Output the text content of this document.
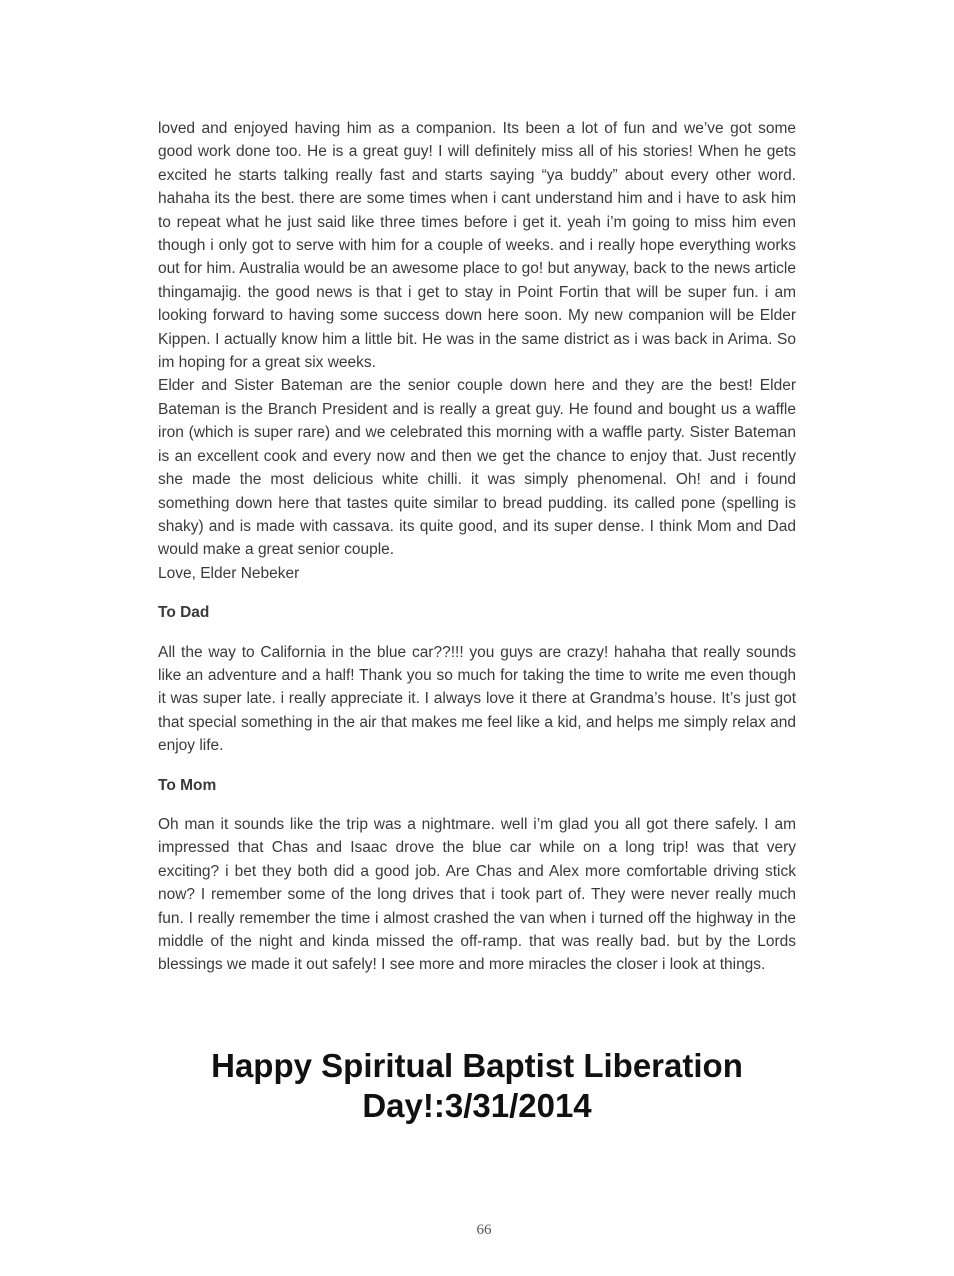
loved and enjoyed having him as a companion. Its been a lot of fun and we’ve got some good work done too. He is a great guy! I will definitely miss all of his stories! When he gets excited he starts talking really fast and starts saying “ya buddy” about every other word. hahaha its the best. there are some times when i cant understand him and i have to ask him to repeat what he just said like three times before i get it. yeah i’m going to miss him even though i only got to serve with him for a couple of weeks. and i really hope everything works out for him. Australia would be an awesome place to go! but anyway, back to the news article thingamajig. the good news is that i get to stay in Point Fortin that will be super fun. i am looking forward to having some success down here soon. My new companion will be Elder Kippen. I actually know him a little bit. He was in the same district as i was back in Arima. So im hoping for a great six weeks.

Elder and Sister Bateman are the senior couple down here and they are the best! Elder Bateman is the Branch President and is really a great guy. He found and bought us a waffle iron (which is super rare) and we celebrated this morning with a waffle party. Sister Bateman is an excellent cook and every now and then we get the chance to enjoy that. Just recently she made the most delicious white chilli. it was simply phenomenal. Oh! and i found something down here that tastes quite similar to bread pudding. its called pone (spelling is shaky) and is made with cassava. its quite good, and its super dense. I think Mom and Dad would make a great senior couple.

Love, Elder Nebeker

To Dad

All the way to California in the blue car??!!! you guys are crazy! hahaha that really sounds like an adventure and a half! Thank you so much for taking the time to write me even though it was super late. i really appreciate it. I always love it there at Grandma’s house. It’s just got that special something in the air that makes me feel like a kid, and helps me simply relax and enjoy life.

To Mom

Oh man it sounds like the trip was a nightmare. well i’m glad you all got there safely. I am impressed that Chas and Isaac drove the blue car while on a long trip! was that very exciting? i bet they both did a good job. Are Chas and Alex more comfortable driving stick now? I remember some of the long drives that i took part of. They were never really much fun. I really remember the time i almost crashed the van when i turned off the highway in the middle of the night and kinda missed the off-ramp. that was really bad. but by the Lords blessings we made it out safely! I see more and more miracles the closer i look at things.

Happy Spiritual Baptist Liberation Day!:3/31/2014
66
